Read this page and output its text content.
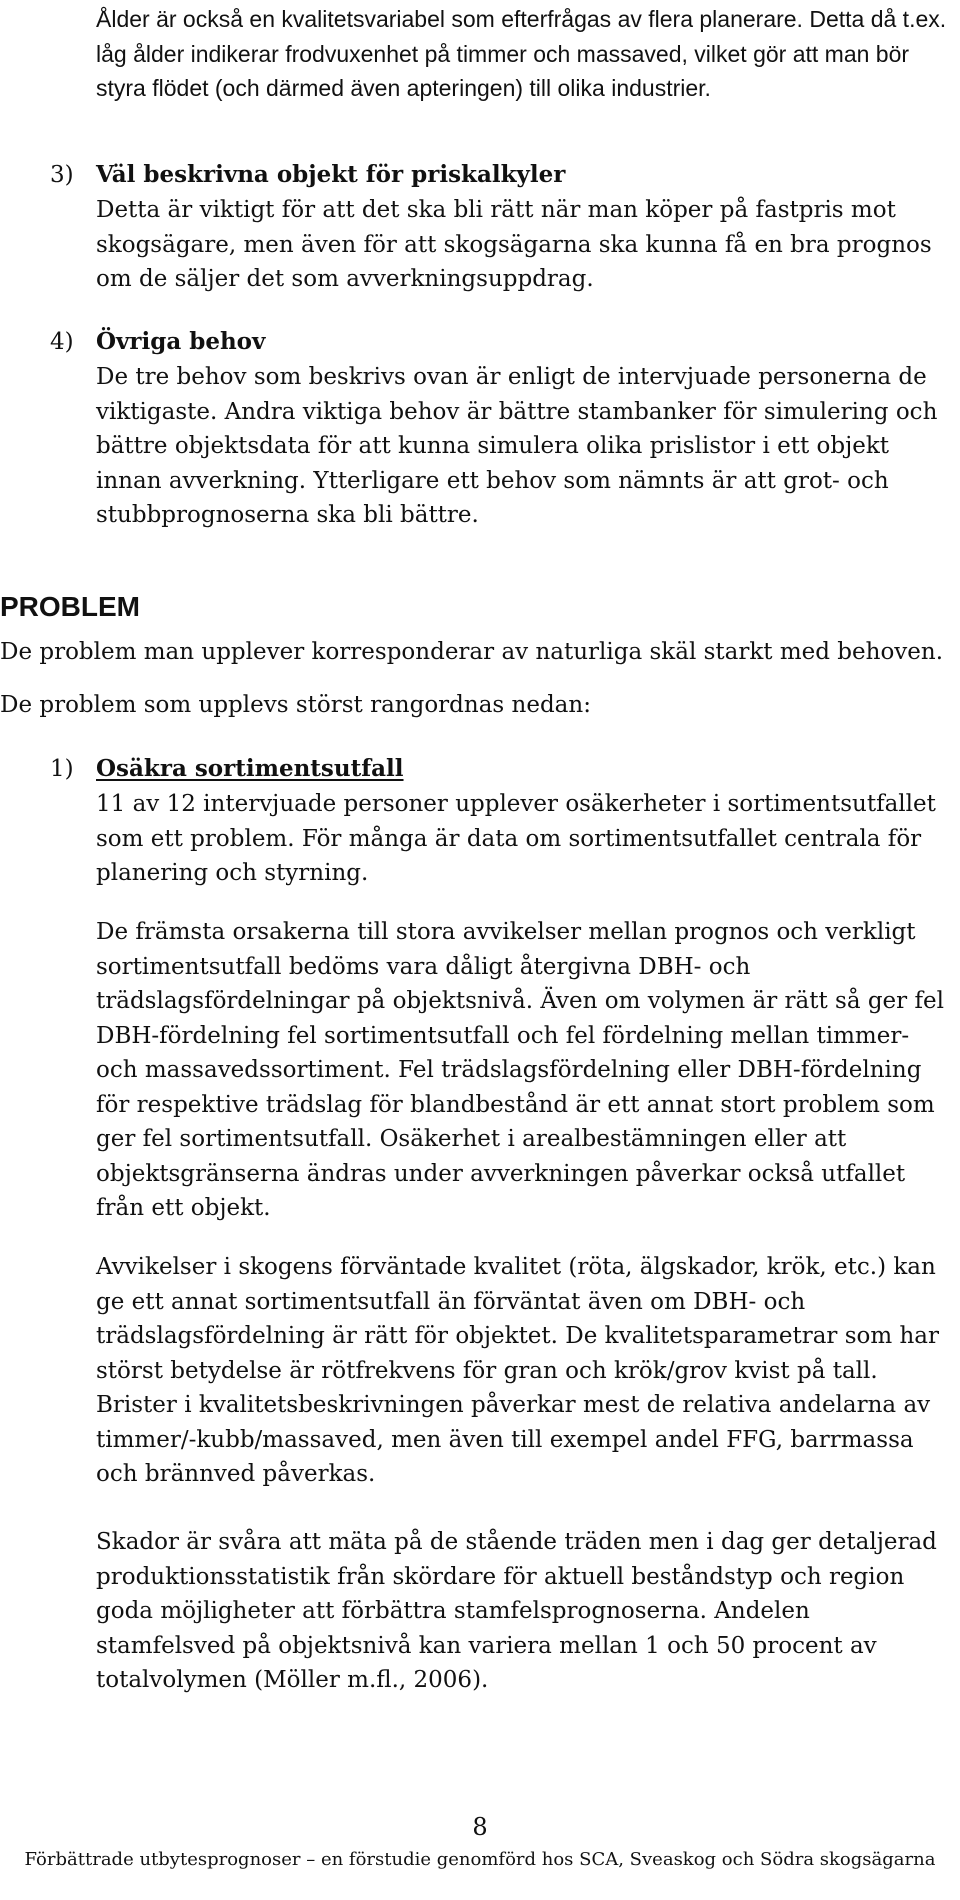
Ålder är också en kvalitetsvariabel som efterfrågas av flera planerare. Detta då t.ex. låg ålder indikerar frodvuxenhet på timmer och massaved, vilket gör att man bör styra flödet (och därmed även apteringen) till olika industrier.

3) Väl beskrivna objekt för priskalkyler

Detta är viktigt för att det ska bli rätt när man köper på fastpris mot skogsägare, men även för att skogsägarna ska kunna få en bra prognos om de säljer det som avverkningsuppdrag.

4) Övriga behov

De tre behov som beskrivs ovan är enligt de intervjuade personerna de viktigaste. Andra viktiga behov är bättre stambanker för simulering och bättre objektsdata för att kunna simulera olika prislistor i ett objekt innan avverkning. Ytterligare ett behov som nämnts är att grot- och stubbprognoserna ska bli bättre.

PROBLEM

De problem man upplever korresponderar av naturliga skäl starkt med behoven.

De problem som upplevs störst rangordnas nedan:

1) Osäkra sortimentsutfall

11 av 12 intervjuade personer upplever osäkerheter i sortimentsutfallet som ett problem. För många är data om sortimentsutfallet centrala för planering och styrning.

De främsta orsakerna till stora avvikelser mellan prognos och verkligt sortimentsutfall bedöms vara dåligt återgivna DBH- och trädslagsfördelningar på objektsnivå. Även om volymen är rätt så ger fel DBH-fördelning fel sortimentsutfall och fel fördelning mellan timmer- och massavedssortiment. Fel trädslagsfördelning eller DBH-fördelning för respektive trädslag för blandbestånd är ett annat stort problem som ger fel sortimentsutfall. Osäkerhet i arealbestämningen eller att objektsgränserna ändras under avverkningen påverkar också utfallet från ett objekt.

Avvikelser i skogens förväntade kvalitet (röta, älgskador, krök, etc.) kan ge ett annat sortimentsutfall än förväntat även om DBH- och trädslagsfördelning är rätt för objektet. De kvalitetsparametrar som har störst betydelse är rötfrekvens för gran och krök/grov kvist på tall. Brister i kvalitetsbeskrivningen påverkar mest de relativa andelarna av timmer/-kubb/massaved, men även till exempel andel FFG, barrmassa och brännved påverkas.

Skador är svåra att mäta på de stående träden men i dag ger detaljerad produktionsstatistik från skördare för aktuell beståndstyp och region goda möjligheter att förbättra stamfelsprognoserna. Andelen stamfelsved på objektsnivå kan variera mellan 1 och 50 procent av totalvolymen (Möller m.fl., 2006).

8
Förbättrade utbytesprognoser – en förstudie genomförd hos SCA, Sveaskog och Södra skogsägarna
